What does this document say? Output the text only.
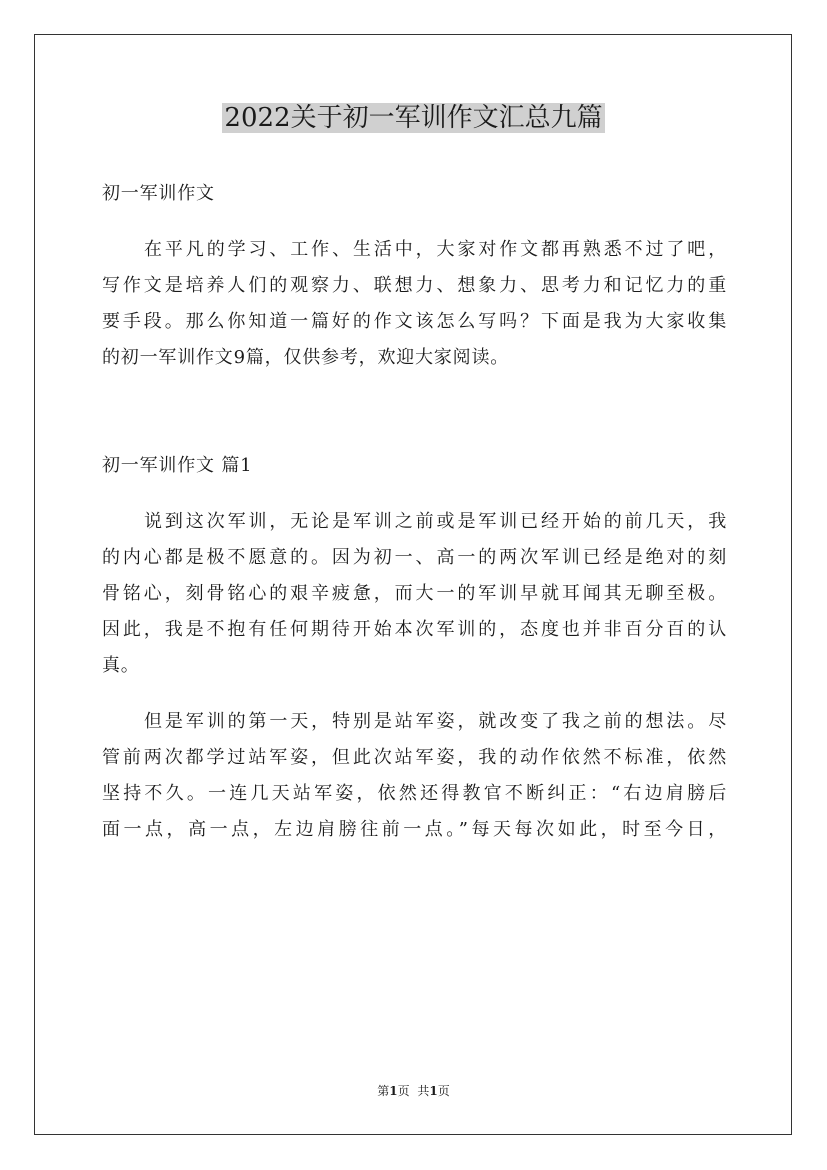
2022关于初一军训作文汇总九篇
初一军训作文
在平凡的学习、工作、生活中，大家对作文都再熟悉不过了吧，
写作文是培养人们的观察力、联想力、想象力、思考力和记忆力的重
要手段。那么你知道一篇好的作文该怎么写吗？下面是我为大家收集
的初一军训作文9篇，仅供参考，欢迎大家阅读。
初一军训作文 篇1
说到这次军训，无论是军训之前或是军训已经开始的前几天，我
的内心都是极不愿意的。因为初一、高一的两次军训已经是绝对的刻
骨铭心，刻骨铭心的艰辛疲惫，而大一的军训早就耳闻其无聊至极。
因此，我是不抱有任何期待开始本次军训的，态度也并非百分百的认
真。
但是军训的第一天，特别是站军姿，就改变了我之前的想法。尽
管前两次都学过站军姿，但此次站军姿，我的动作依然不标准，依然
坚持不久。一连几天站军姿，依然还得教官不断纠正：“右边肩膀后
面一点，高一点，左边肩膀往前一点。”每天每次如此，时至今日，
第1页 共1页
